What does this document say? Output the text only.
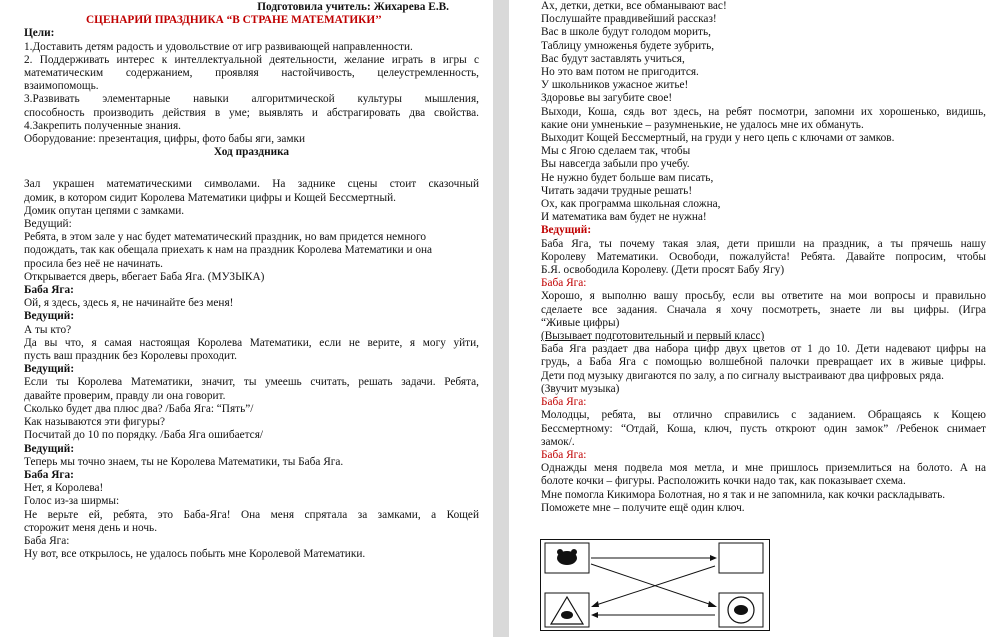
Подготовила учитель: Жихарева Е.В.
СЦЕНАРИЙ ПРАЗДНИКА “В СТРАНЕ МАТЕМАТИКИ’’
Цели:
1.Доставить детям радость и удовольствие от игр развивающей направленности.
2. Поддерживать интерес к интеллектуальной деятельности, желание играть в игры с
математическим содержанием, проявляя настойчивость, целеустремленность,
взаимопомощь.
3.Развивать элементарные навыки алгоритмической культуры мышления,
способность производить действия в уме; выявлять и абстрагировать два свойства.
4.Закрепить полученные знания.
Оборудование: презентация, цифры, фото бабы яги, замки
Ход праздника
Зал украшен математическими символами. На заднике сцены стоит сказочный
домик, в котором сидит Королева Математики цифры и Кощей Бессмертный.
Домик опутан цепями с замками.
Ведущий:
Ребята, в этом зале у нас будет математический праздник, но вам придется немного
подождать, так как обещала приехать к нам на праздник Королева Математики и она
просила без неё не начинать.
Открывается дверь, вбегает Баба Яга. (МУЗЫКА)
Баба Яга:
Ой, я здесь, здесь я, не начинайте без меня!
Ведущий:
А ты кто?
Да вы что, я самая настоящая Королева Математики, если не верите, я могу уйти,
пусть ваш праздник без Королевы проходит.
Ведущий:
Если ты Королева Математики, значит, ты умеешь считать, решать задачи. Ребята,
давайте проверим, правду ли она говорит.
Сколько будет два плюс два? /Баба Яга: “Пять”/
Как называются эти фигуры?
Посчитай до 10 по порядку. /Баба Яга ошибается/
Ведущий:
Теперь мы точно знаем, ты не Королева Математики, ты Баба Яга.
Баба Яга:
Нет, я Королева!
Голос из-за ширмы:
Не верьте ей, ребята, это Баба-Яга! Она меня спрятала за замками, а Кощей
сторожит меня день и ночь.
Баба Яга:
Ну вот, все открылось, не удалось побыть мне Королевой Математики.
Ах, детки, детки, все обманывают вас!
Послушайте правдивейший рассказ!
Вас в школе будут голодом морить,
Таблицу умноженья будете зубрить,
Вас будут заставлять учиться,
Но это вам потом не пригодится.
У школьников ужасное житье!
Здоровье вы загубите свое!
Выходи, Коша, сядь вот здесь, на ребят посмотри, запомни их хорошенько, видишь,
какие они умненькие – разумненькие, не удалось мне их обмануть.
Выходит Кощей Бессмертный, на груди у него цепь с ключами от замков.
Мы с Ягою сделаем так, чтобы
Вы навсегда забыли про учебу.
Не нужно будет больше вам писать,
Читать задачи трудные решать!
Ох, как программа школьная сложна,
И математика вам будет не нужна!
Ведущий:
Баба Яга, ты почему такая злая, дети пришли на праздник, а ты прячешь нашу
Королеву Математики. Освободи, пожалуйста! Ребята. Давайте попросим, чтобы
Б.Я. освободила Королеву. (Дети просят Бабу Ягу)
Баба Яга:
Хорошо, я выполню вашу просьбу, если вы ответите на мои вопросы и правильно
сделаете все задания. Сначала я хочу посмотреть, знаете ли вы цифры. (Игра
“Живые цифры)
(Вызывает подготовительный и первый класс)
Баба Яга раздает два набора цифр двух цветов от 1 до 10. Дети надевают цифры на
грудь, а Баба Яга с помощью волшебной палочки превращает их в живые цифры.
Дети под музыку двигаются по залу, а по сигналу выстраивают два цифровых ряда.
(Звучит музыка)
Баба Яга:
Молодцы, ребята, вы отлично справились с заданием. Обращаясь к Кощею
Бессмертному: “Отдай, Коша, ключ, пусть откроют один замок” /Ребенок снимает
замок/.
Баба Яга:
Однажды меня подвела моя метла, и мне пришлось приземлиться на болото. А на
болоте кочки – фигуры. Расположить кочки надо так, как показывает схема.
Мне помогла Кикимора Болотная, но я так и не запомнила, как кочки раскладывать.
Поможете мне – получите ещё один ключ.
